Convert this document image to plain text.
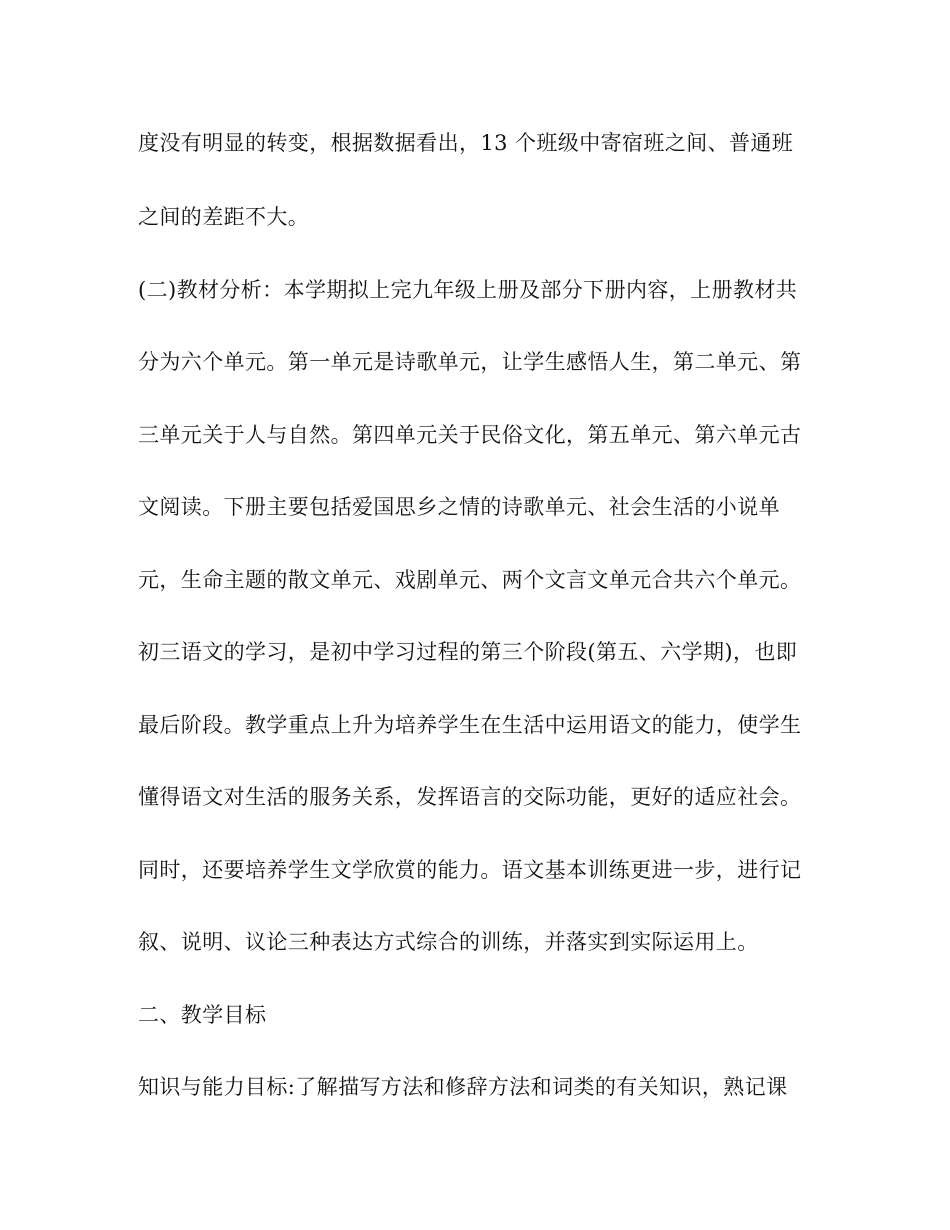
度没有明显的转变，根据数据看出，13 个班级中寄宿班之间、普通班
之间的差距不大。
(二)教材分析：本学期拟上完九年级上册及部分下册内容，上册教材共
分为六个单元。第一单元是诗歌单元，让学生感悟人生，第二单元、第
三单元关于人与自然。第四单元关于民俗文化，第五单元、第六单元古
文阅读。下册主要包括爱国思乡之情的诗歌单元、社会生活的小说单
元，生命主题的散文单元、戏剧单元、两个文言文单元合共六个单元。
初三语文的学习，是初中学习过程的第三个阶段(第五、六学期)，也即
最后阶段。教学重点上升为培养学生在生活中运用语文的能力，使学生
懂得语文对生活的服务关系，发挥语言的交际功能，更好的适应社会。
同时，还要培养学生文学欣赏的能力。语文基本训练更进一步，进行记
叙、说明、议论三种表达方式综合的训练，并落实到实际运用上。
二、教学目标
知识与能力目标:了解描写方法和修辞方法和词类的有关知识，熟记课
